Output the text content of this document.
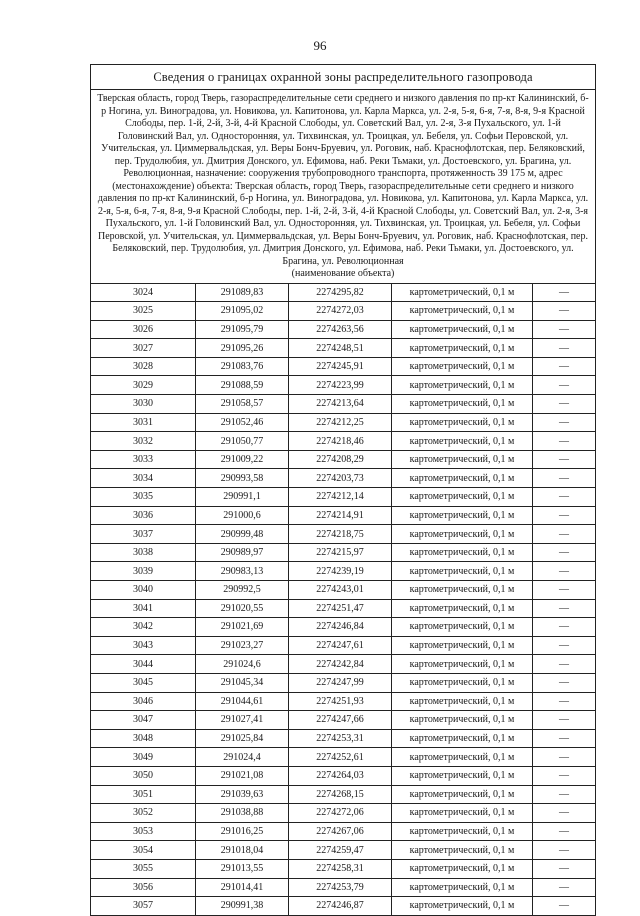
96
Сведения о границах охранной зоны распределительного газопровода
Тверская область, город Тверь, газораспределительные сети среднего и низкого давления по пр-кт Калининский, б-р Ногина, ул. Виноградова, ул. Новикова, ул. Капитонова, ул. Карла Маркса, ул. 2-я, 5-я, 6-я, 7-я, 8-я, 9-я Красной Слободы, пер. 1-й, 2-й, 3-й, 4-й Красной Слободы, ул. Советский Вал, ул. 2-я, 3-я Пухальского, ул. 1-й Головинский Вал, ул. Односторонняя, ул. Тихвинская, ул. Троицкая, ул. Бебеля, ул. Софьи Перовской, ул. Учительская, ул. Циммервальдская, ул. Веры Бонч-Бруевич, ул. Роговик, наб. Краснофлотская, пер. Беляковский, пер. Трудолюбия, ул. Дмитрия Донского, ул. Ефимова, наб. Реки Тьмаки, ул. Достоевского, ул. Брагина, ул. Революционная, назначение: сооружения трубопроводного транспорта, протяженность 39 175 м, адрес (местонахождение) объекта: Тверская область, город Тверь, газораспределительные сети среднего и низкого давления по пр-кт Калининский, б-р Ногина, ул. Виноградова, ул. Новикова, ул. Капитонова, ул. Карла Маркса, ул. 2-я, 5-я, 6-я, 7-я, 8-я, 9-я Красной Слободы, пер. 1-й, 2-й, 3-й, 4-й Красной Слободы, ул. Советский Вал, ул. 2-я, 3-я Пухальского, ул. 1-й Головинский Вал, ул. Односторонняя, ул. Тихвинская, ул. Троицкая, ул. Бебеля, ул. Софьи Перовской, ул. Учительская, ул. Циммервальдская, ул. Веры Бонч-Бруевич, ул. Роговик, наб. Краснофлотская, пер. Беляковский, пер. Трудолюбия, ул. Дмитрия Донского, ул. Ефимова, наб. Реки Тьмаки, ул. Достоевского, ул. Брагина, ул. Революционная
(наименование объекта)
3024	291089,83	2274295,82	картометрический, 0,1 м	—
3025	291095,02	2274272,03	картометрический, 0,1 м	—
3026	291095,79	2274263,56	картометрический, 0,1 м	—
3027	291095,26	2274248,51	картометрический, 0,1 м	—
3028	291083,76	2274245,91	картометрический, 0,1 м	—
3029	291088,59	2274223,99	картометрический, 0,1 м	—
3030	291058,57	2274213,64	картометрический, 0,1 м	—
3031	291052,46	2274212,25	картометрический, 0,1 м	—
3032	291050,77	2274218,46	картометрический, 0,1 м	—
3033	291009,22	2274208,29	картометрический, 0,1 м	—
3034	290993,58	2274203,73	картометрический, 0,1 м	—
3035	290991,1	2274212,14	картометрический, 0,1 м	—
3036	291000,6	2274214,91	картометрический, 0,1 м	—
3037	290999,48	2274218,75	картометрический, 0,1 м	—
3038	290989,97	2274215,97	картометрический, 0,1 м	—
3039	290983,13	2274239,19	картометрический, 0,1 м	—
3040	290992,5	2274243,01	картометрический, 0,1 м	—
3041	291020,55	2274251,47	картометрический, 0,1 м	—
3042	291021,69	2274246,84	картометрический, 0,1 м	—
3043	291023,27	2274247,61	картометрический, 0,1 м	—
3044	291024,6	2274242,84	картометрический, 0,1 м	—
3045	291045,34	2274247,99	картометрический, 0,1 м	—
3046	291044,61	2274251,93	картометрический, 0,1 м	—
3047	291027,41	2274247,66	картометрический, 0,1 м	—
3048	291025,84	2274253,31	картометрический, 0,1 м	—
3049	291024,4	2274252,61	картометрический, 0,1 м	—
3050	291021,08	2274264,03	картометрический, 0,1 м	—
3051	291039,63	2274268,15	картометрический, 0,1 м	—
3052	291038,88	2274272,06	картометрический, 0,1 м	—
3053	291016,25	2274267,06	картометрический, 0,1 м	—
3054	291018,04	2274259,47	картометрический, 0,1 м	—
3055	291013,55	2274258,31	картометрический, 0,1 м	—
3056	291014,41	2274253,79	картометрический, 0,1 м	—
3057	290991,38	2274246,87	картометрический, 0,1 м	—
